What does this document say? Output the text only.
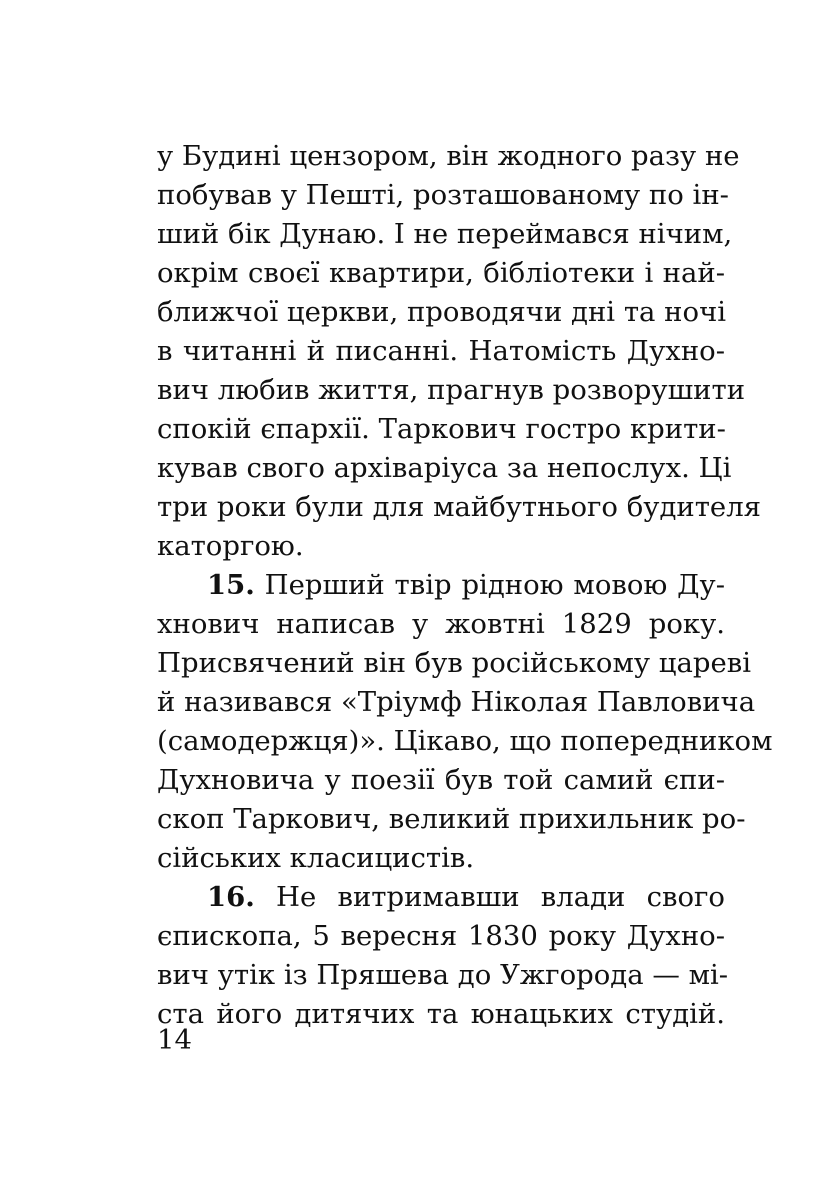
у Будині цензором, він жодного разу не
побував у Пешті, розташованому по ін-
ший бік Дунаю. І не переймався нічим,
окрім своєї квартири, бібліотеки і най-
ближчої церкви, проводячи дні та ночі
в читанні й писанні. Натомість Духно-
вич любив життя, прагнув розворушити
спокій єпархії. Таркович гостро крити-
кував свого архіваріуса за непослух. Ці
три роки були для майбутнього будителя
каторгою.
15. Перший твір рідною мовою Ду-
хнович написав у жовтні 1829 року.
Присвячений він був російському цареві
й називався «Тріумф Ніколая Павловича
(самодержця)». Цікаво, що попередником
Духновича у поезії був той самий єпи-
скоп Таркович, великий прихильник ро-
сійських класицистів.
16. Не витримавши влади свого
єпископа, 5 вересня 1830 року Духно-
вич утік із Пряшева до Ужгорода — мі-
ста його дитячих та юнацьких студій.
14
